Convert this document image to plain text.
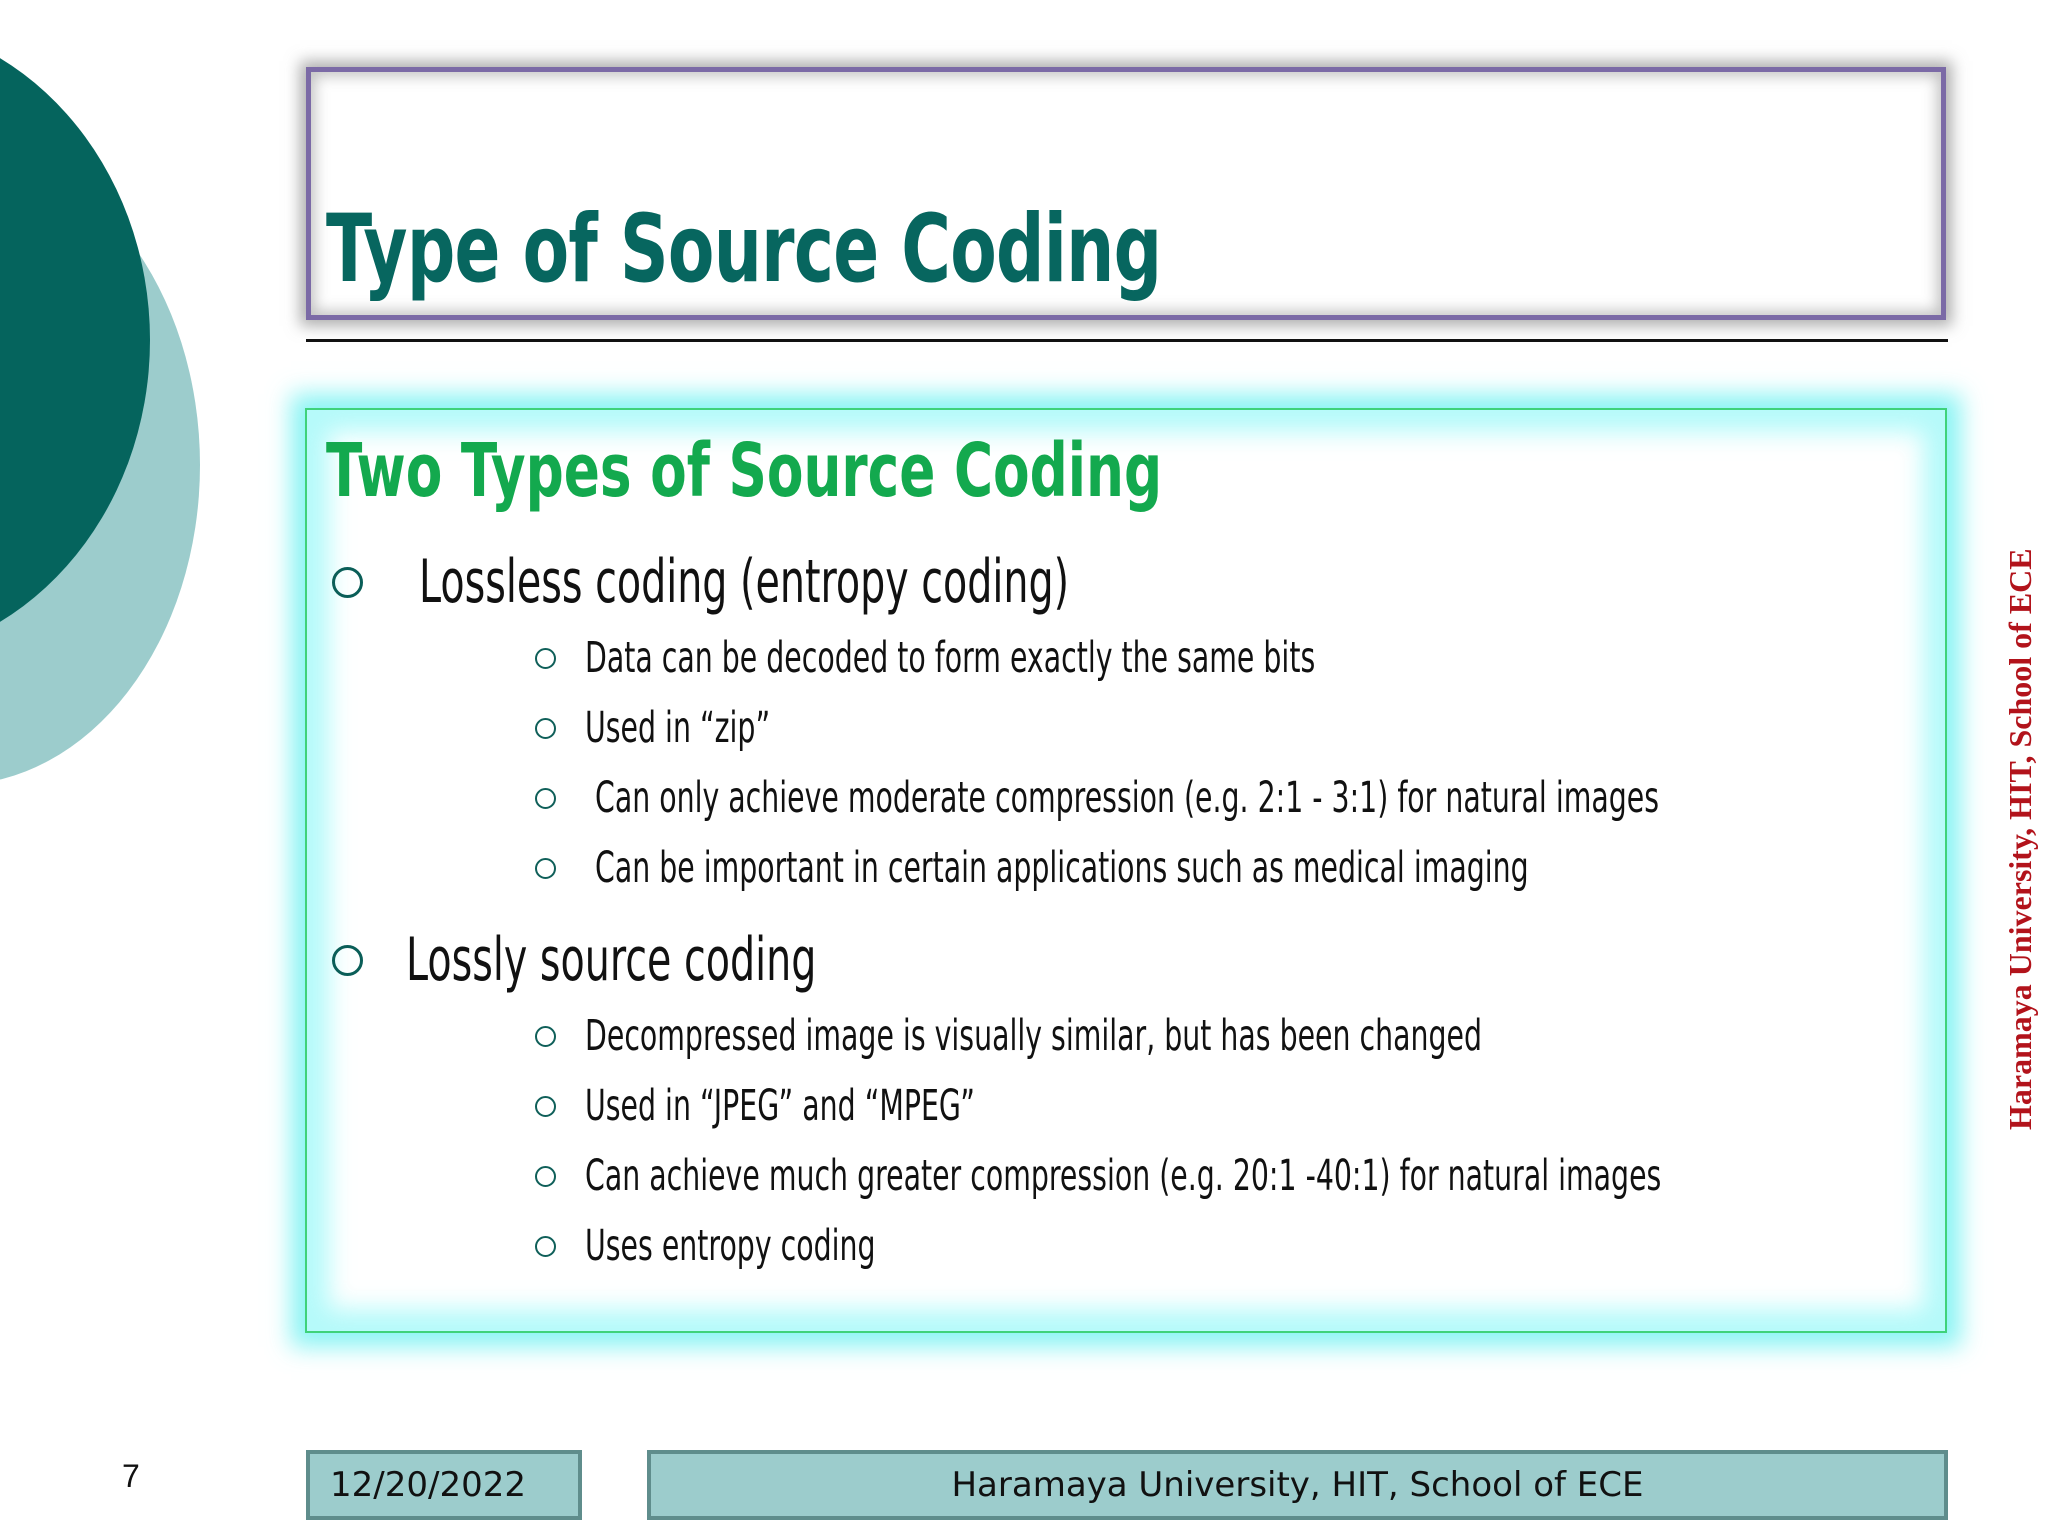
Type of Source Coding
Two Types of Source Coding
Lossless coding (entropy coding)
Data can be decoded to form exactly the same bits
Used in “zip”
Can only achieve moderate compression (e.g. 2:1 - 3:1) for natural images
Can be important in certain applications such as medical imaging
Lossly source coding
Decompressed image is visually similar, but has been changed
Used in “JPEG” and “MPEG”
Can achieve much greater compression (e.g. 20:1 -40:1) for natural images
Uses entropy coding
Haramaya University, HIT, School of ECE
7	12/20/2022	Haramaya University, HIT, School of ECE
